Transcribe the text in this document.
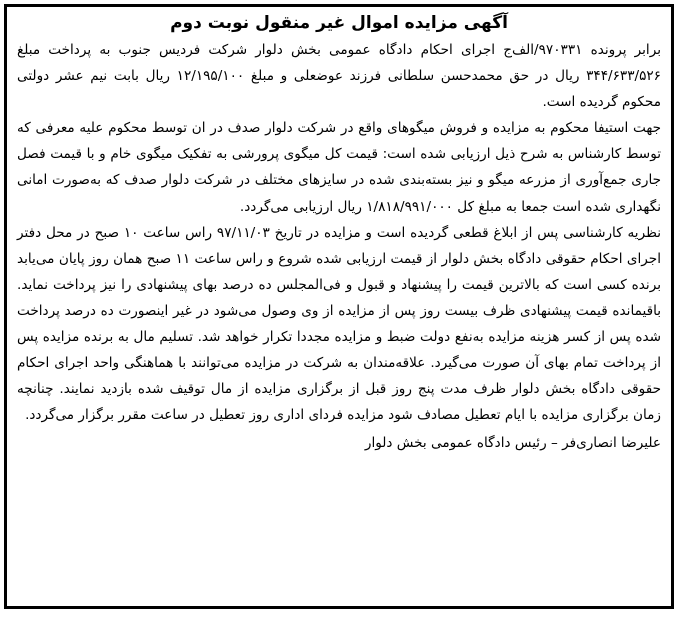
آگهی مزایده اموال غیر منقول نوبت دوم

برابر پرونده ۹۷۰۳۳۱/الف‌ج اجرای احکام دادگاه عمومی بخش دلوار شرکت فردیس جنوب به پرداخت مبلغ ۳۴۴/۶۳۳/۵۲۶ ریال در حق محمدحسن سلطانی فرزند عوضعلی و مبلغ ۱۲/۱۹۵/۱۰۰ ریال بابت نیم عشر دولتی محکوم گردیده است.

جهت استیفا محکوم به مزایده و فروش میگوهای واقع در شرکت دلوار صدف در ان توسط محکوم علیه معرفی که توسط کارشناس به شرح ذیل ارزیابی شده است: قیمت کل میگوی پرورشی به تفکیک میگوی خام و با قیمت فصل جاری جمع‌آوری از مزرعه میگو و نیز بسته‌بندی شده در سایزهای مختلف در شرکت دلوار صدف که به‌صورت امانی نگهداری شده است جمعا به مبلغ کل ۱/۸۱۸/۹۹۱/۰۰۰ ریال ارزیابی می‌گردد.

نظریه کارشناسی پس از ابلاغ قطعی گردیده است و مزایده در تاریخ ۹۷/۱۱/۰۳ راس ساعت ۱۰ صبح در محل دفتر اجرای احکام حقوقی دادگاه بخش دلوار از قیمت ارزیابی شده شروع و راس ساعت ۱۱ صبح همان روز پایان می‌یابد برنده کسی است که بالاترین قیمت را پیشنهاد و قبول و فی‌المجلس ده درصد بهای پیشنهادی را نیز پرداخت نماید. باقیمانده قیمت پیشنهادی ظرف بیست روز پس از مزایده از وی وصول می‌شود در غیر اینصورت ده درصد پرداخت شده پس از کسر هزینه مزایده به‌نفع دولت ضبط و مزایده مجددا تکرار خواهد شد. تسلیم مال به برنده مزایده پس از پرداخت تمام بهای آن صورت می‌گیرد. علاقه‌مندان به شرکت در مزایده می‌توانند با هماهنگی واحد اجرای احکام حقوقی دادگاه بخش دلوار ظرف مدت پنج روز قبل از برگزاری مزایده از مال توقیف شده بازدید نمایند. چنانچه زمان برگزاری مزایده با ایام تعطیل مصادف شود مزایده فردای اداری روز تعطیل در ساعت مقرر برگزار می‌گردد.

علیرضا انصاری‌فر – رئیس دادگاه عمومی بخش دلوار
